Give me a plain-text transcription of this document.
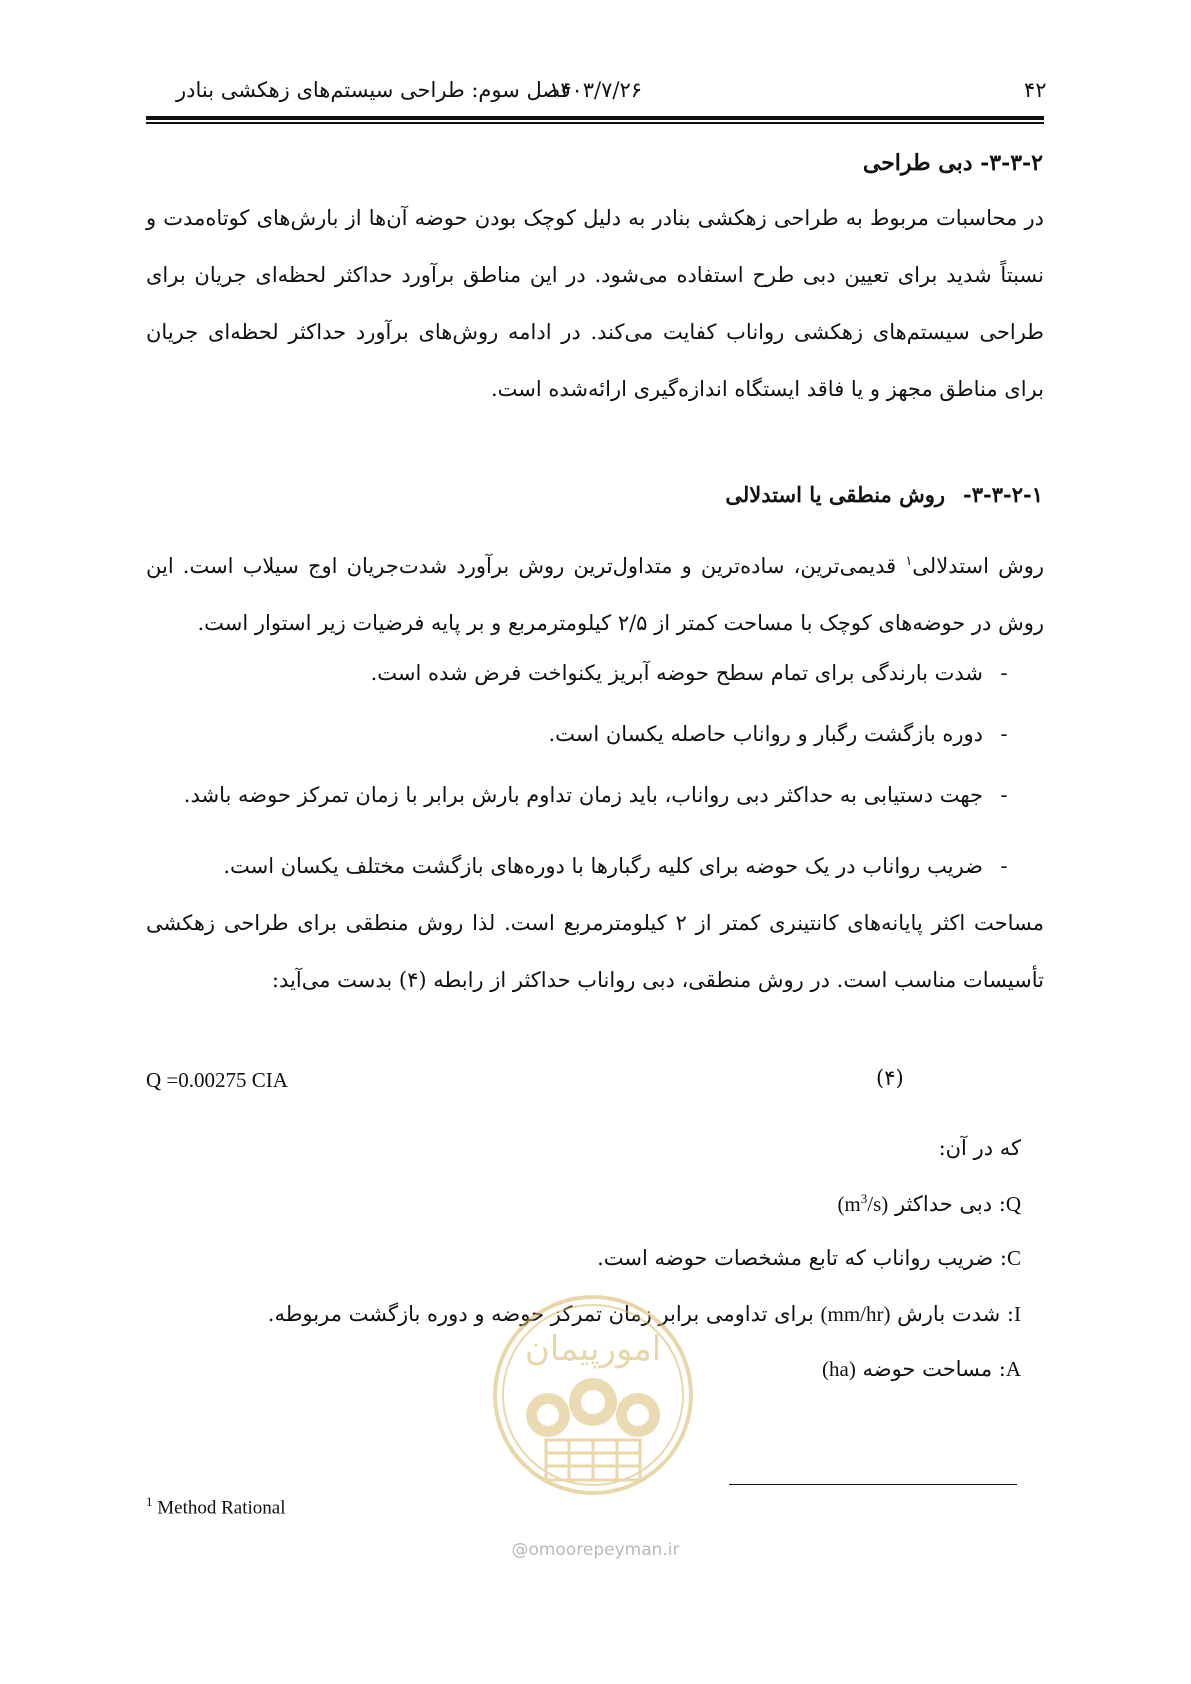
۴۲
۱۴۰۳/۷/۲۶
فصل سوم: طراحی سیستم‌های زهکشی بنادر
۳-۳-۲- دبی طراحی
در محاسبات مربوط به طراحی زهکشی بنادر به دلیل کوچک بودن حوضه آن‌ها از بارش‌های کوتاه‌مدت و نسبتاً شدید برای تعیین دبی طرح استفاده می‌شود. در این مناطق برآورد حداکثر لحظه‌ای جریان برای طراحی سیستم‌های زهکشی رواناب کفایت می‌کند. در ادامه روش‌های برآورد حداکثر لحظه‌ای جریان برای مناطق مجهز و یا فاقد ایستگاه اندازه‌گیری ارائه‌شده است.
۳-۳-۲-۱-روش منطقی یا استدلالی
روش استدلالی$^۱$ قدیمی‌ترین، ساده‌ترین و متداول‌ترین روش برآورد شدت‌جریان اوج سیلاب است. این روش در حوضه‌های کوچک با مساحت کمتر از ۲/۵ کیلومترمربع و بر پایه فرضیات زیر استوار است.
-شدت بارندگی برای تمام سطح حوضه آبریز یکنواخت فرض شده است.
-دوره بازگشت رگبار و رواناب حاصله یکسان است.
-جهت دستیابی به حداکثر دبی رواناب، باید زمان تداوم بارش برابر با زمان تمرکز حوضه باشد.
-ضریب رواناب در یک حوضه برای کلیه رگبارها با دوره‌های بازگشت مختلف یکسان است.
مساحت اکثر پایانه‌های کانتینری کمتر از ۲ کیلومترمربع است. لذا روش منطقی برای طراحی زهکشی تأسیسات مناسب است. در روش منطقی، دبی رواناب حداکثر از رابطه (۴) بدست می‌آید:
Q =0.00275 CIA	(۴)
که در آن:
Q: دبی حداکثر $(m^3/s)$
C: ضریب رواناب که تابع مشخصات حوضه است.
I: شدت بارش (mm/hr) برای تداومی برابر زمان تمرکز حوضه و دوره بازگشت مربوطه.
A: مساحت حوضه (ha)
امورپیمان
@omoorepeyman.ir
$^1$ Method Rational
